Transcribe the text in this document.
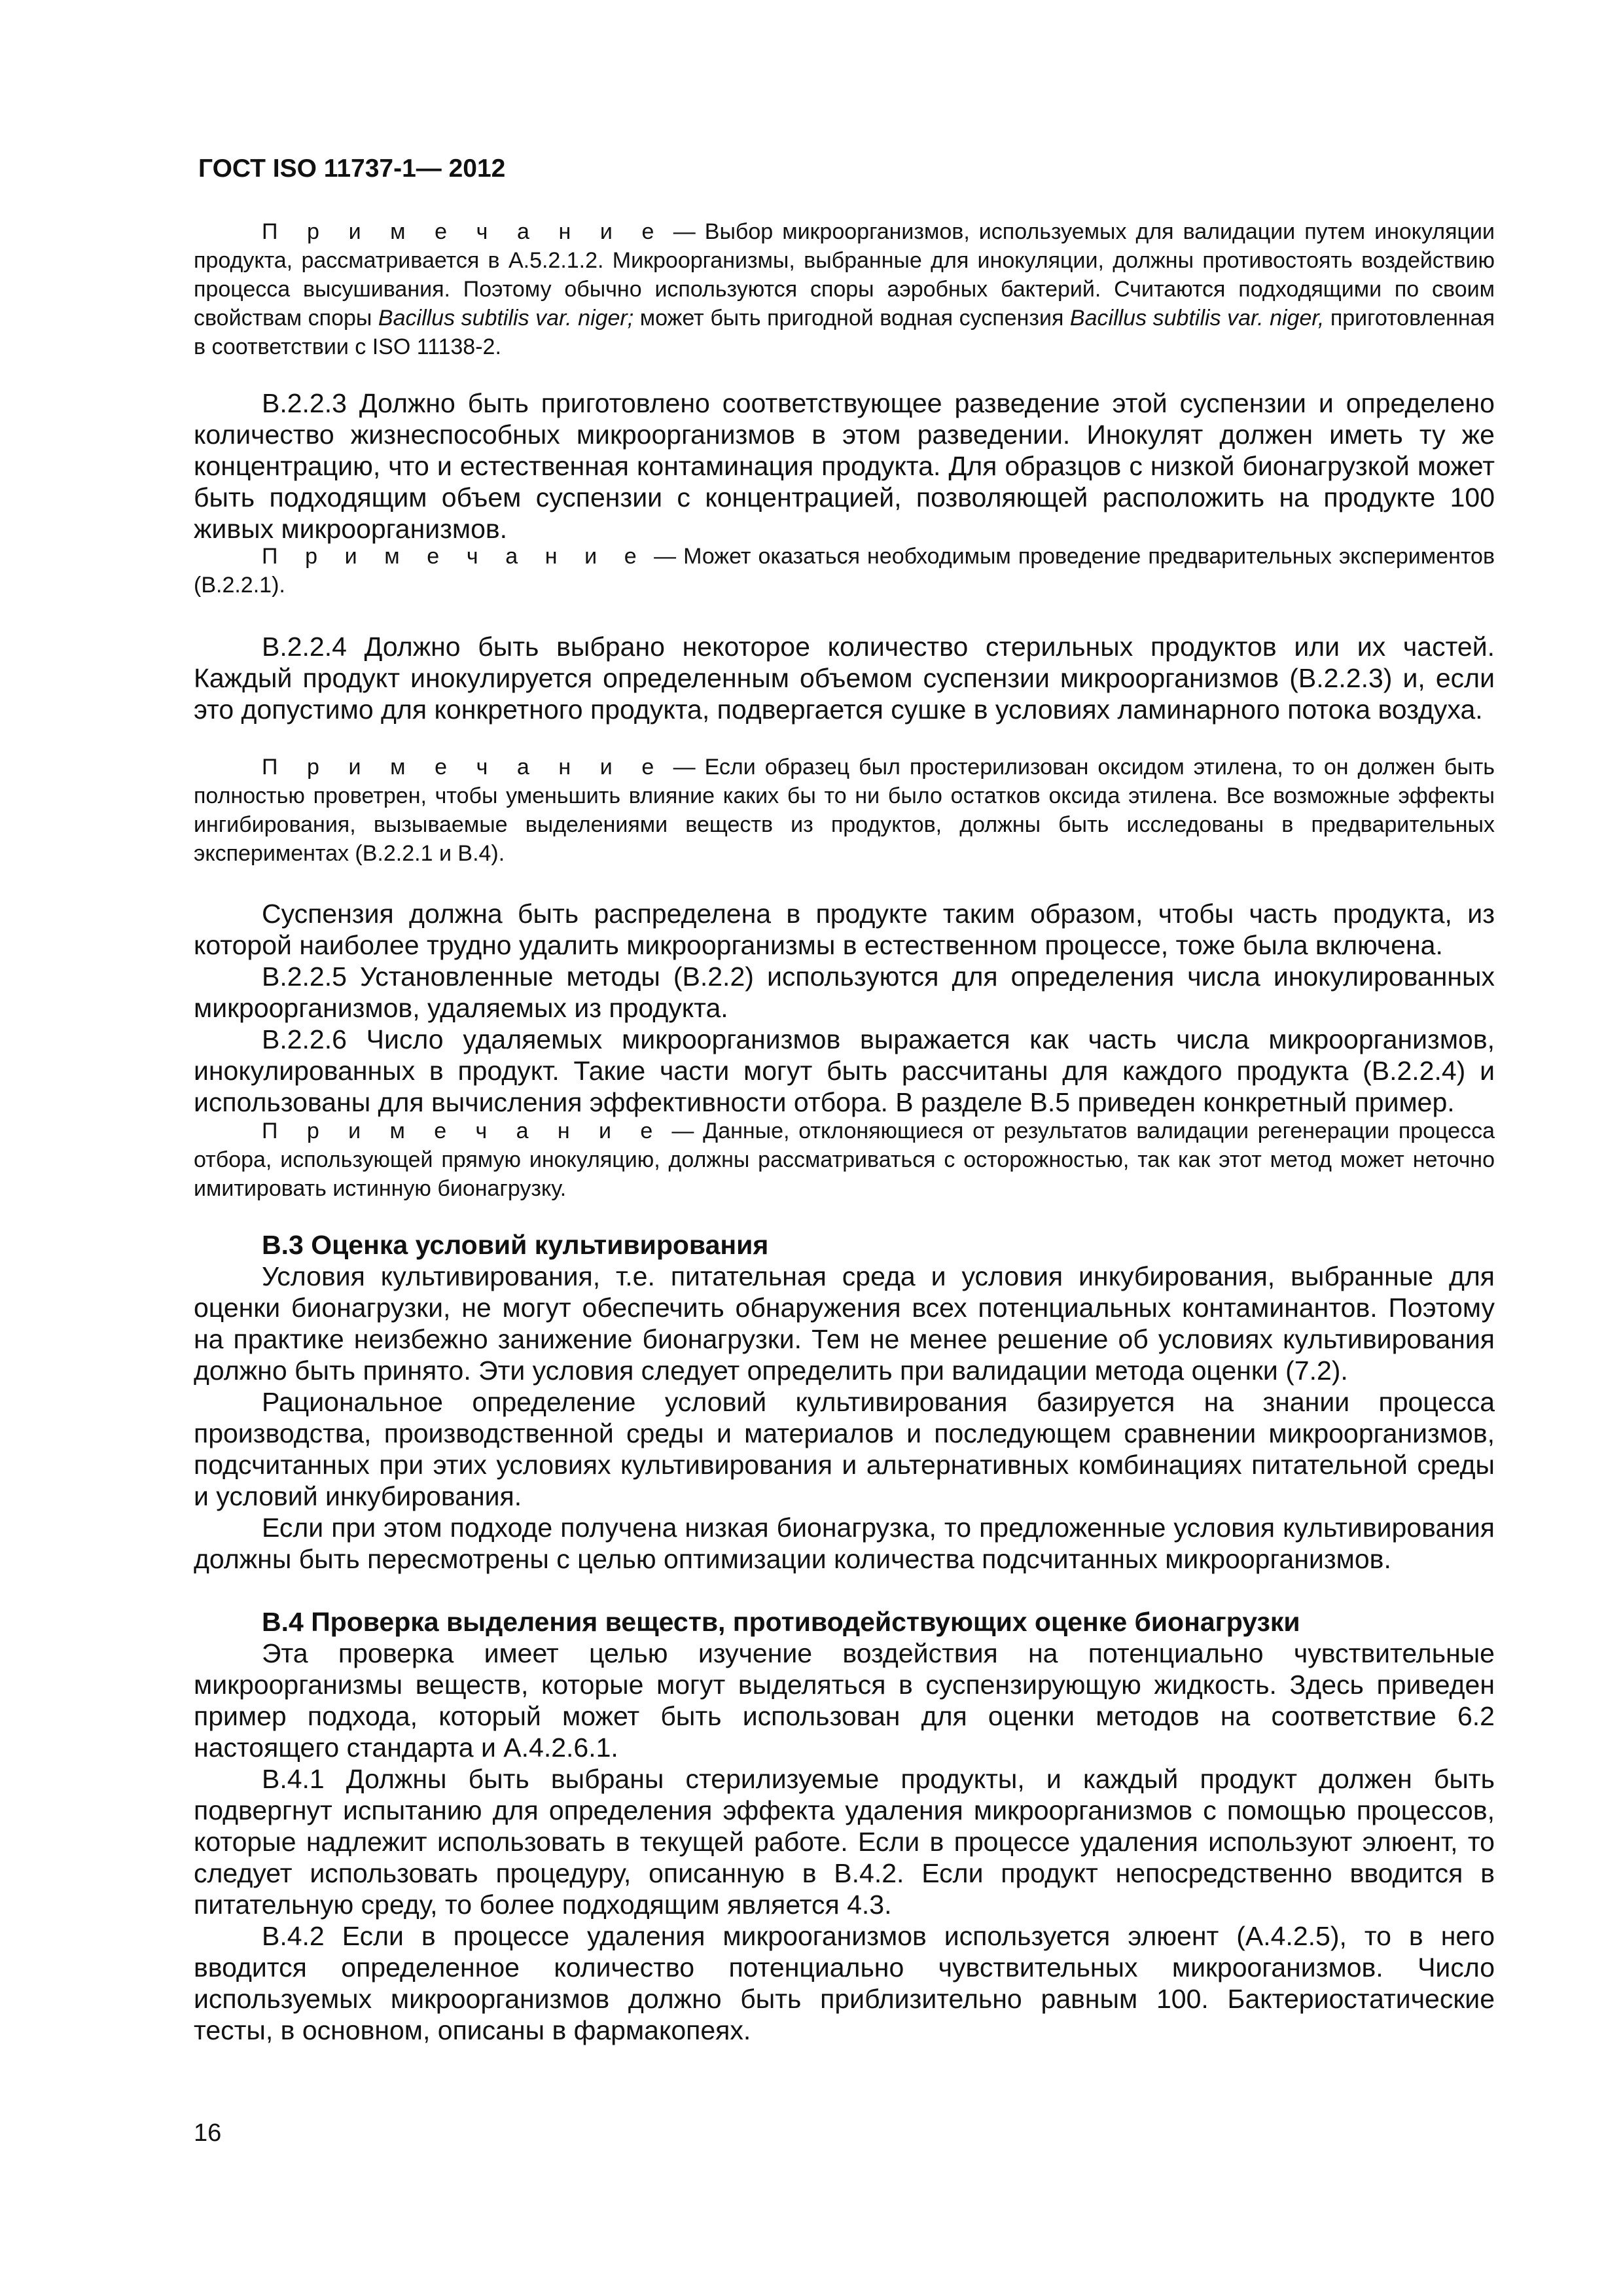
ГОСТ ISO 11737-1— 2012
П р и м е ч а н и е — Выбор микроорганизмов, используемых для валидации путем инокуляции продукта, рассматривается в А.5.2.1.2. Микроорганизмы, выбранные для инокуляции, должны противостоять воздействию процесса высушивания. Поэтому обычно используются споры аэробных бактерий. Считаются подходящими по своим свойствам споры Bacillus subtilis var. niger; может быть пригодной водная суспензия Bacillus subtilis var. niger, приготовленная в соответствии с ISO 11138-2.

В.2.2.3 Должно быть приготовлено соответствующее разведение этой суспензии и определено количество жизнеспособных микроорганизмов в этом разведении. Инокулят должен иметь ту же концентрацию, что и естественная контаминация продукта. Для образцов с низкой бионагрузкой может быть подходящим объем суспензии с концентрацией, позволяющей расположить на продукте 100 живых микроорганизмов.

П р и м е ч а н и е — Может оказаться необходимым проведение предварительных экспериментов (В.2.2.1).

В.2.2.4 Должно быть выбрано некоторое количество стерильных продуктов или их частей. Каждый продукт инокулируется определенным объемом суспензии микроорганизмов (В.2.2.3) и, если это допустимо для конкретного продукта, подвергается сушке в условиях ламинарного потока воздуха.

П р и м е ч а н и е — Если образец был простерилизован оксидом этилена, то он должен быть полностью проветрен, чтобы уменьшить влияние каких бы то ни было остатков оксида этилена. Все возможные эффекты ингибирования, вызываемые выделениями веществ из продуктов, должны быть исследованы в предварительных экспериментах (В.2.2.1 и В.4).

Суспензия должна быть распределена в продукте таким образом, чтобы часть продукта, из которой наиболее трудно удалить микроорганизмы в естественном процессе, тоже была включена.

В.2.2.5 Установленные методы (В.2.2) используются для определения числа инокулированных микроорганизмов, удаляемых из продукта.

В.2.2.6 Число удаляемых микроорганизмов выражается как часть числа микроорганизмов, инокулированных в продукт. Такие части могут быть рассчитаны для каждого продукта (В.2.2.4) и использованы для вычисления эффективности отбора. В разделе В.5 приведен конкретный пример.

П р и м е ч а н и е — Данные, отклоняющиеся от результатов валидации регенерации процесса отбора, использующей прямую инокуляцию, должны рассматриваться с осторожностью, так как этот метод может неточно имитировать истинную бионагрузку.
В.3 Оценка условий культивирования

Условия культивирования, т.е. питательная среда и условия инкубирования, выбранные для оценки бионагрузки, не могут обеспечить обнаружения всех потенциальных контаминантов. Поэтому на практике неизбежно занижение бионагрузки. Тем не менее решение об условиях культивирования должно быть принято. Эти условия следует определить при валидации метода оценки (7.2).

Рациональное определение условий культивирования базируется на знании процесса производства, производственной среды и материалов и последующем сравнении микроорганизмов, подсчитанных при этих условиях культивирования и альтернативных комбинациях питательной среды и условий инкубирования.

Если при этом подходе получена низкая бионагрузка, то предложенные условия культивирования должны быть пересмотрены с целью оптимизации количества подсчитанных микроорганизмов.

В.4 Проверка выделения веществ, противодействующих оценке бионагрузки

Эта проверка имеет целью изучение воздействия на потенциально чувствительные микроорганизмы веществ, которые могут выделяться в суспензирующую жидкость. Здесь приведен пример подхода, который может быть использован для оценки методов на соответствие 6.2 настоящего стандарта и А.4.2.6.1.

В.4.1 Должны быть выбраны стерилизуемые продукты, и каждый продукт должен быть подвергнут испытанию для определения эффекта удаления микроорганизмов с помощью процессов, которые надлежит использовать в текущей работе. Если в процессе удаления используют элюент, то следует использовать процедуру, описанную в В.4.2. Если продукт непосредственно вводится в питательную среду, то более подходящим является 4.3.

В.4.2 Если в процессе удаления микрооганизмов используется элюент (А.4.2.5), то в него вводится определенное количество потенциально чувствительных микрооганизмов. Число используемых микроорганизмов должно быть приблизительно равным 100. Бактериостатические тесты, в основном, описаны в фармакопеях.

16
